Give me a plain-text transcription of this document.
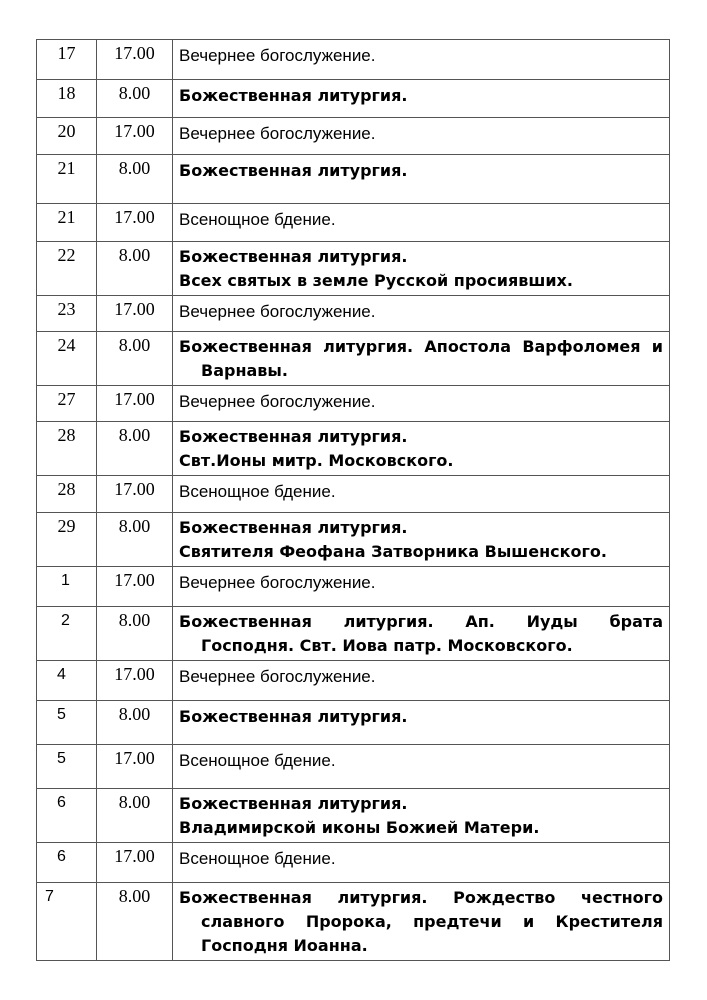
17	17.00	Вечернее богослужение.
18	8.00	Божественная литургия.
20	17.00	Вечернее богослужение.
21	8.00	Божественная литургия.
21	17.00	Всенощное бдение.
22	8.00	Божественная литургия.
Всех святых в земле Русской просиявших.

23	17.00	Вечернее богослужение.
24	8.00	Божественная литургия. Апостола Варфоломея и
Варнавы.

27	17.00	Вечернее богослужение.
28	8.00	Божественная литургия.
Свт.Ионы митр. Московского.

28	17.00	Всенощное бдение.
29	8.00	Божественная литургия.
Святителя Феофана Затворника Вышенского.

1	17.00	Вечернее богослужение.
2	8.00	Божественная литургия. Ап. Иуды брата
Господня. Свт. Иова патр. Московского.

4	17.00	Вечернее богослужение.
5	8.00	Божественная литургия.
5	17.00	Всенощное бдение.
6	8.00	Божественная литургия.
Владимирской иконы Божией Матери.

6	17.00	Всенощное бдение.
7	8.00	Божественная литургия. Рождество честного
славного Пророка, предтечи и Крестителя Господня Иоанна.
